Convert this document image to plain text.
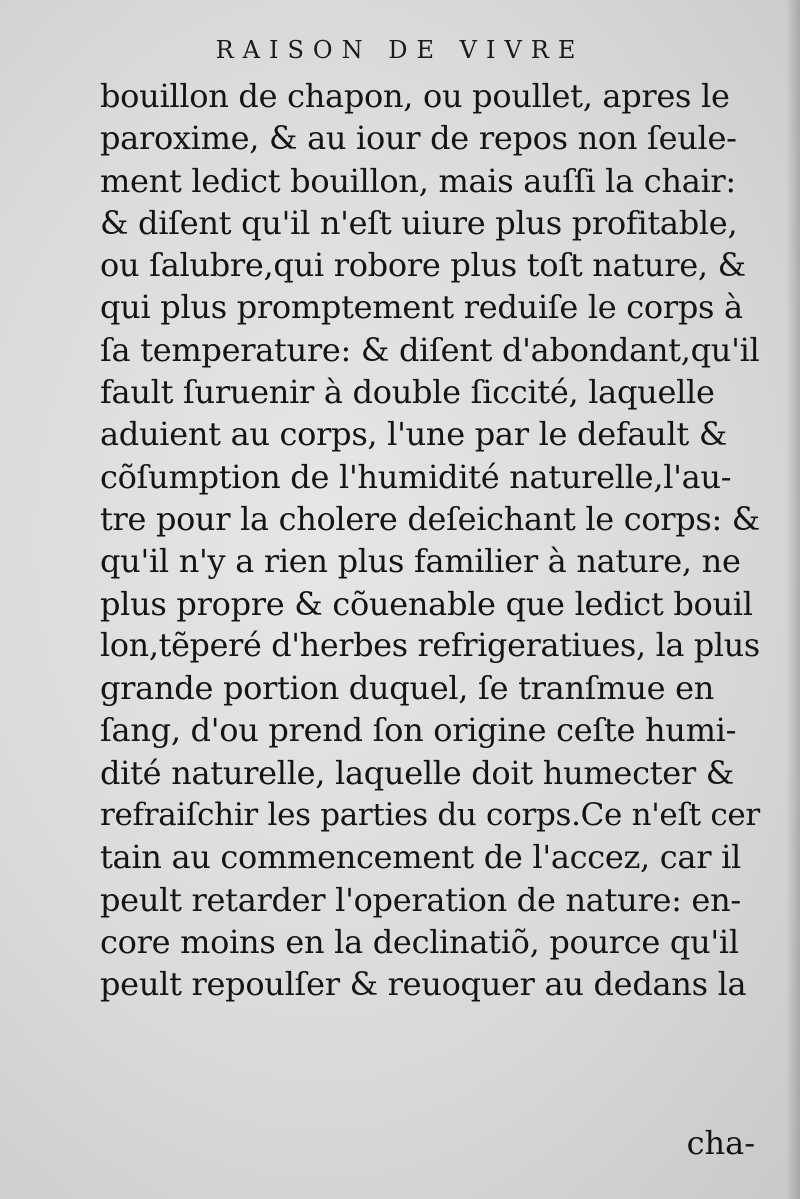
RAISON DE VIVRE
bouillon de chapon, ou poullet, apres le
paroxime, & au iour de repos non ſeule-
ment ledict bouillon, mais auſſi la chair:
& diſent qu'il n'eſt uiure plus profitable,
ou ſalubre,qui robore plus toſt nature, &
qui plus promptement reduiſe le corps à
ſa temperature: & diſent d'abondant,qu'il
fault ſuruenir à double ſiccité, laquelle
aduient au corps, l'une par le default &
cõſumption de l'humidité naturelle,l'au-
tre pour la cholere deſeichant le corps: &
qu'il n'y a rien plus familier à nature, ne
plus propre & cõuenable que ledict bouil
lon,tẽperé d'herbes refrigeratiues, la plus
grande portion duquel, ſe tranſmue en
ſang, d'ou prend ſon origine ceſte humi-
dité naturelle, laquelle doit humecter &
refraiſchir les parties du corps.Ce n'eſt cer
tain au commencement de l'accez, car il
peult retarder l'operation de nature: en-
core moins en la declinatiõ, pource qu'il
peult repoulſer & reuoquer au dedans la
cha-
